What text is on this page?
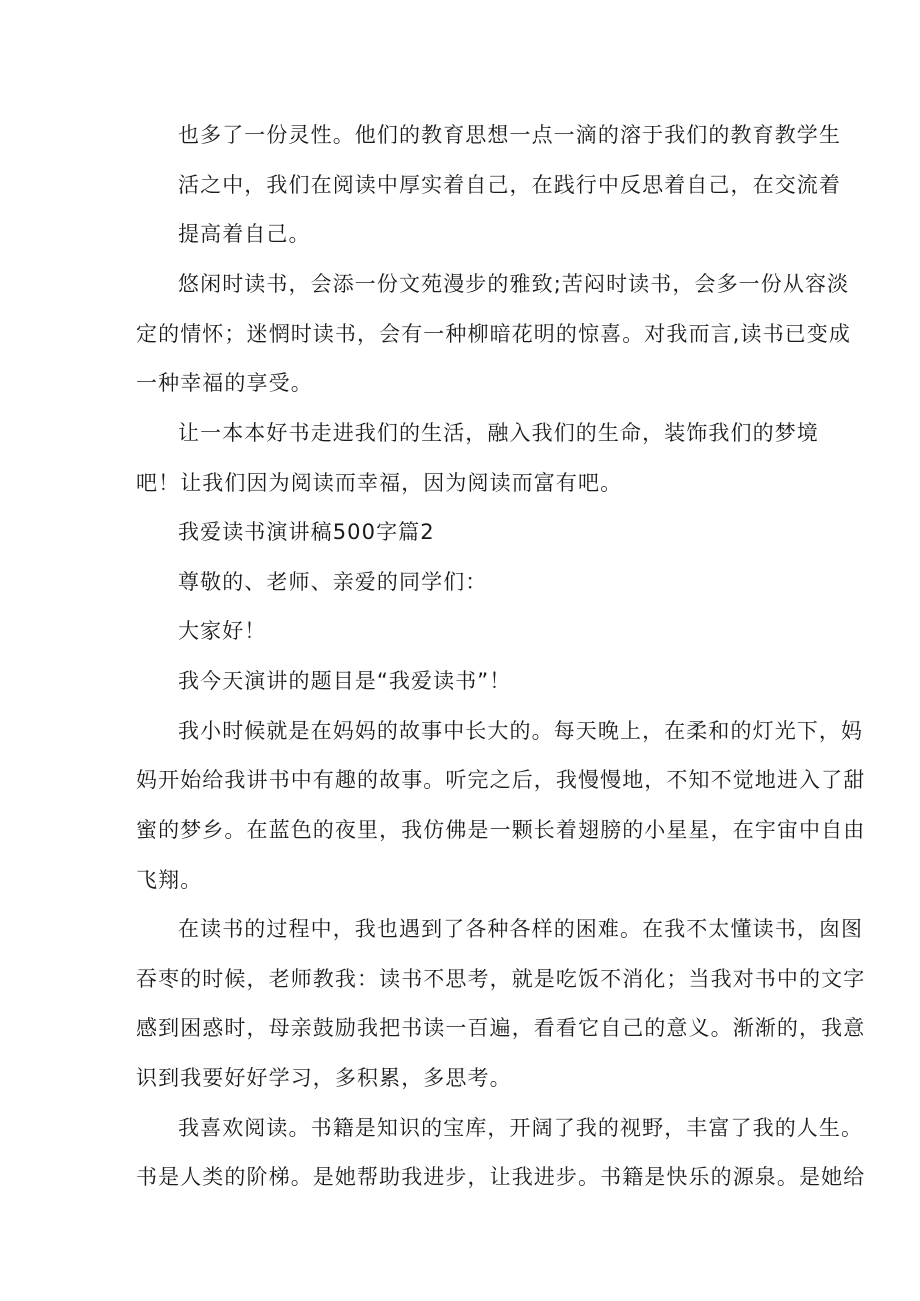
也多了一份灵性。他们的教育思想一点一滴的溶于我们的教育教学生
活之中，我们在阅读中厚实着自己，在践行中反思着自己，在交流着
提高着自己。
悠闲时读书，会添一份文苑漫步的雅致;苦闷时读书，会多一份从容淡
定的情怀；迷惘时读书，会有一种柳暗花明的惊喜。对我而言,读书已变成
一种幸福的享受。
让一本本好书走进我们的生活，融入我们的生命，装饰我们的梦境
吧！让我们因为阅读而幸福，因为阅读而富有吧。
我爱读书演讲稿500字篇2
尊敬的、老师、亲爱的同学们：
大家好！
我今天演讲的题目是“我爱读书”！
我小时候就是在妈妈的故事中长大的。每天晚上，在柔和的灯光下，妈
妈开始给我讲书中有趣的故事。听完之后，我慢慢地，不知不觉地进入了甜
蜜的梦乡。在蓝色的夜里，我仿佛是一颗长着翅膀的小星星，在宇宙中自由
飞翔。
在读书的过程中，我也遇到了各种各样的困难。在我不太懂读书，囱图
吞枣的时候，老师教我：读书不思考，就是吃饭不消化；当我对书中的文字
感到困惑时，母亲鼓励我把书读一百遍，看看它自己的意义。渐渐的，我意
识到我要好好学习，多积累，多思考。
我喜欢阅读。书籍是知识的宝库，开阔了我的视野，丰富了我的人生。
书是人类的阶梯。是她帮助我进步，让我进步。书籍是快乐的源泉。是她给
